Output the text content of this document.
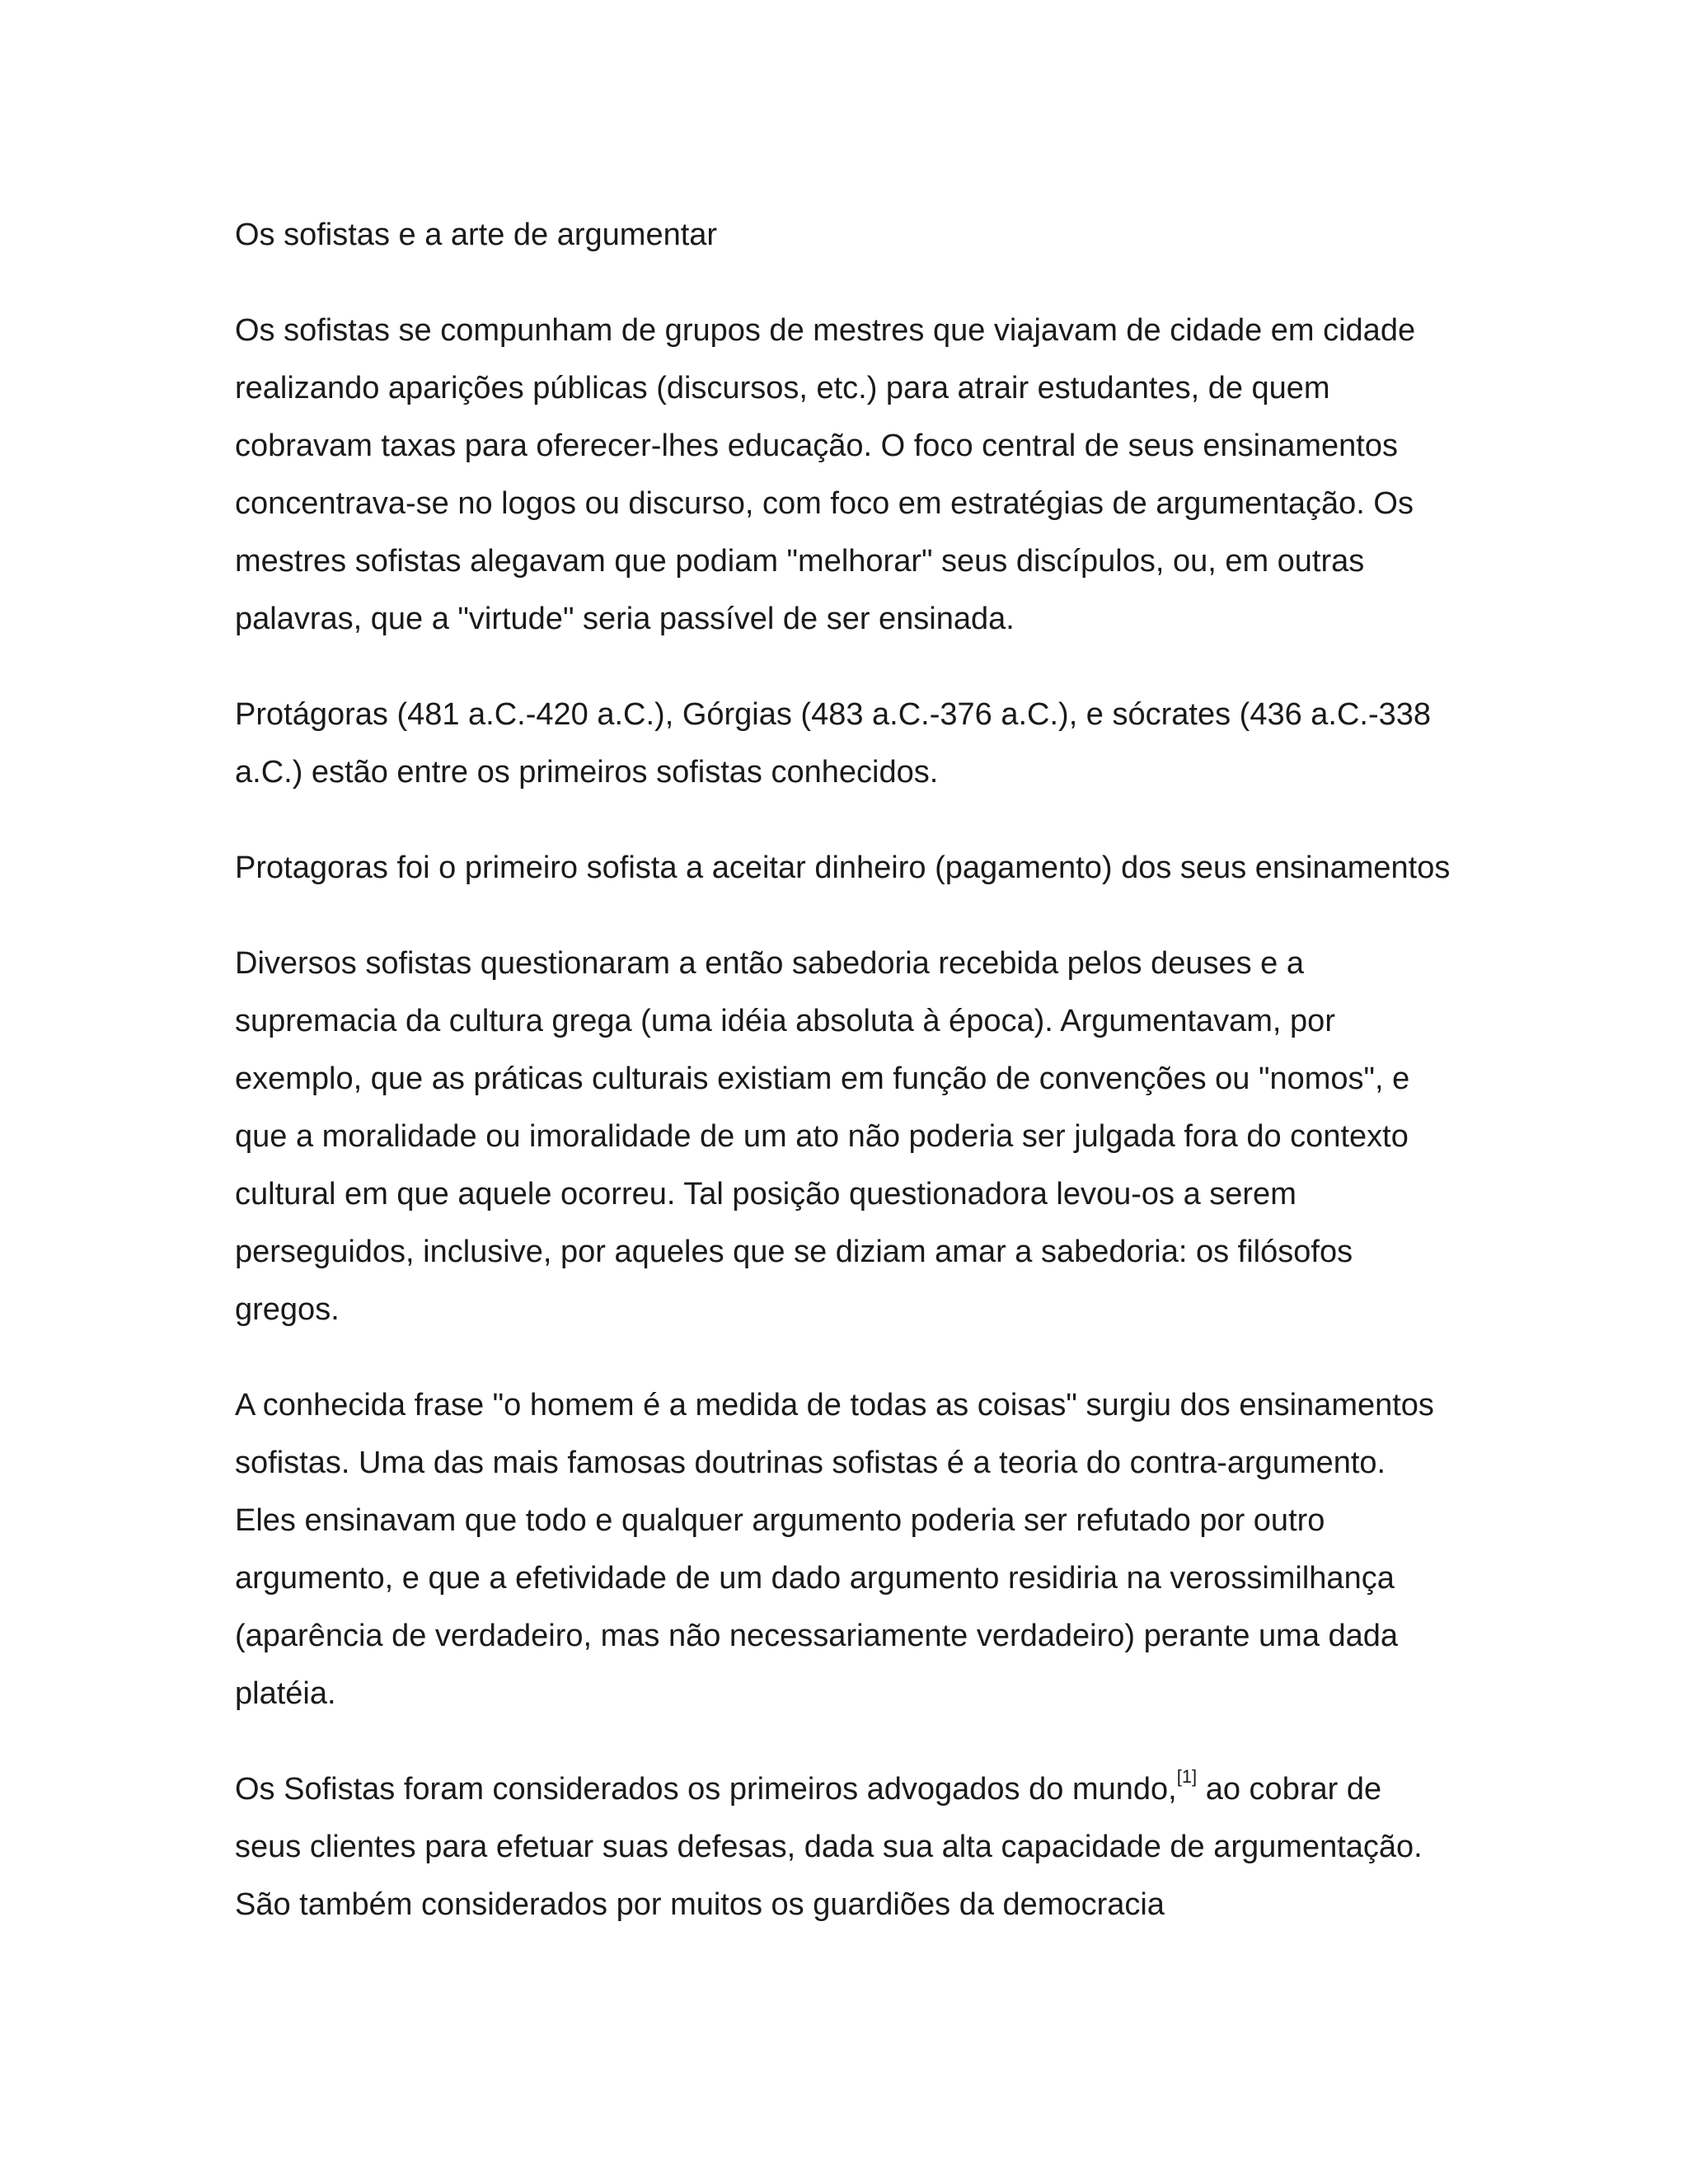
Os sofistas e a arte de argumentar

Os sofistas se compunham de grupos de mestres que viajavam de cidade em cidade realizando aparições públicas (discursos, etc.) para atrair estudantes, de quem cobravam taxas para oferecer-lhes educação. O foco central de seus ensinamentos concentrava-se no logos ou discurso, com foco em estratégias de argumentação. Os mestres sofistas alegavam que podiam "melhorar" seus discípulos, ou, em outras palavras, que a "virtude" seria passível de ser ensinada.

Protágoras (481 a.C.-420 a.C.), Górgias (483 a.C.-376 a.C.), e sócrates (436 a.C.-338 a.C.) estão entre os primeiros sofistas conhecidos.

Protagoras foi o primeiro sofista a aceitar dinheiro (pagamento) dos seus ensinamentos

Diversos sofistas questionaram a então sabedoria recebida pelos deuses e a supremacia da cultura grega (uma idéia absoluta à época). Argumentavam, por exemplo, que as práticas culturais existiam em função de convenções ou "nomos", e que a moralidade ou imoralidade de um ato não poderia ser julgada fora do contexto cultural em que aquele ocorreu. Tal posição questionadora levou-os a serem perseguidos, inclusive, por aqueles que se diziam amar a sabedoria: os filósofos gregos.

A conhecida frase "o homem é a medida de todas as coisas" surgiu dos ensinamentos sofistas. Uma das mais famosas doutrinas sofistas é a teoria do contra-argumento. Eles ensinavam que todo e qualquer argumento poderia ser refutado por outro argumento, e que a efetividade de um dado argumento residiria na verossimilhança (aparência de verdadeiro, mas não necessariamente verdadeiro) perante uma dada platéia.

Os Sofistas foram considerados os primeiros advogados do mundo,[1] ao cobrar de seus clientes para efetuar suas defesas, dada sua alta capacidade de argumentação. São também considerados por muitos os guardiões da democracia
